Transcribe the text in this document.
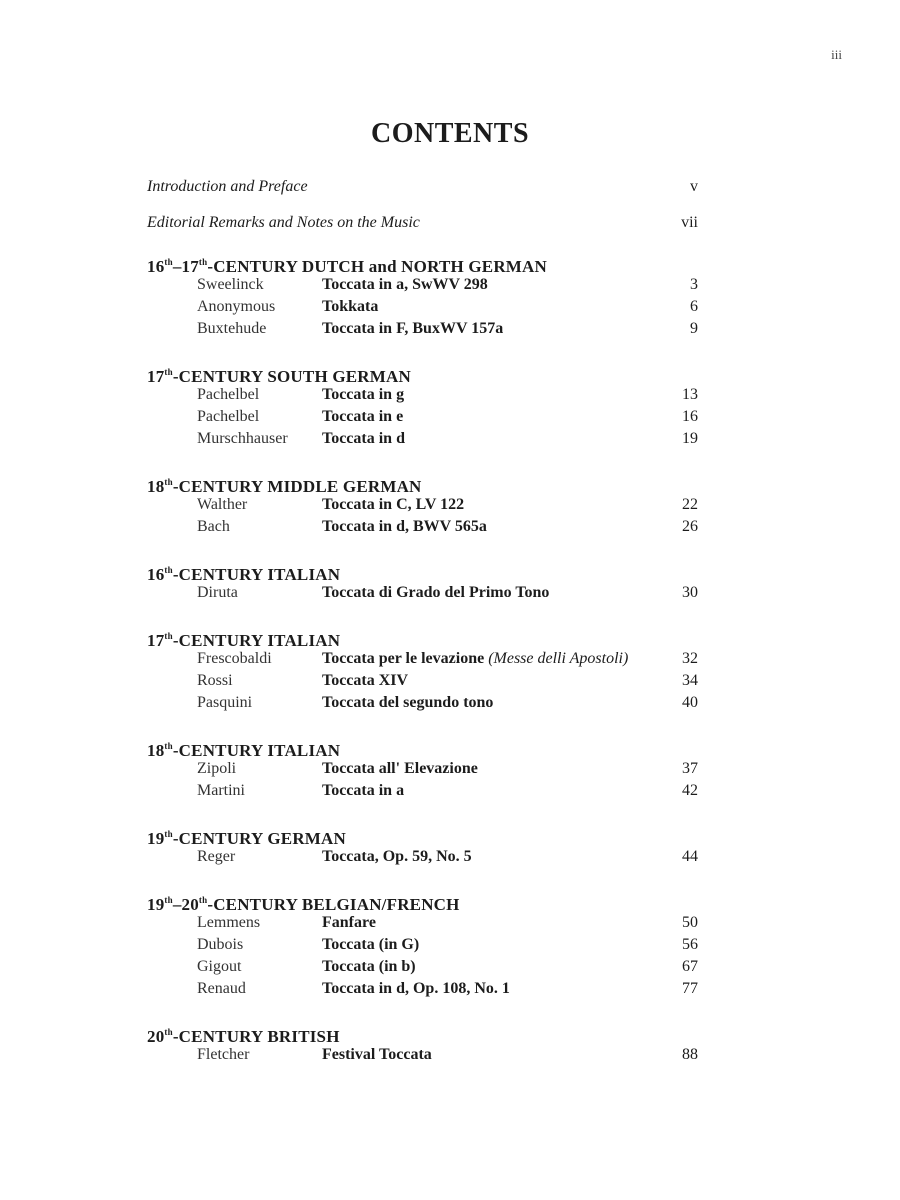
iii
CONTENTS
Introduction and Preface	v
Editorial Remarks and Notes on the Music	vii
16th–17th-CENTURY DUTCH and NORTH GERMAN
Sweelinck	Toccata in a, SwWV 298	3
Anonymous	Tokkata	6
Buxtehude	Toccata in F, BuxWV 157a	9
17th-CENTURY SOUTH GERMAN
Pachelbel	Toccata in g	13
Pachelbel	Toccata in e	16
Murschhauser	Toccata in d	19
18th-CENTURY MIDDLE GERMAN
Walther	Toccata in C, LV 122	22
Bach	Toccata in d, BWV 565a	26
16th-CENTURY ITALIAN
Diruta	Toccata di Grado del Primo Tono	30
17th-CENTURY ITALIAN
Frescobaldi	Toccata per le levazione (Messe delli Apostoli)	32
Rossi	Toccata XIV	34
Pasquini	Toccata del segundo tono	40
18th-CENTURY ITALIAN
Zipoli	Toccata all' Elevazione	37
Martini	Toccata in a	42
19th-CENTURY GERMAN
Reger	Toccata, Op. 59, No. 5	44
19th–20th-CENTURY BELGIAN/FRENCH
Lemmens	Fanfare	50
Dubois	Toccata (in G)	56
Gigout	Toccata (in b)	67
Renaud	Toccata in d, Op. 108, No. 1	77
20th-CENTURY BRITISH
Fletcher	Festival Toccata	88
